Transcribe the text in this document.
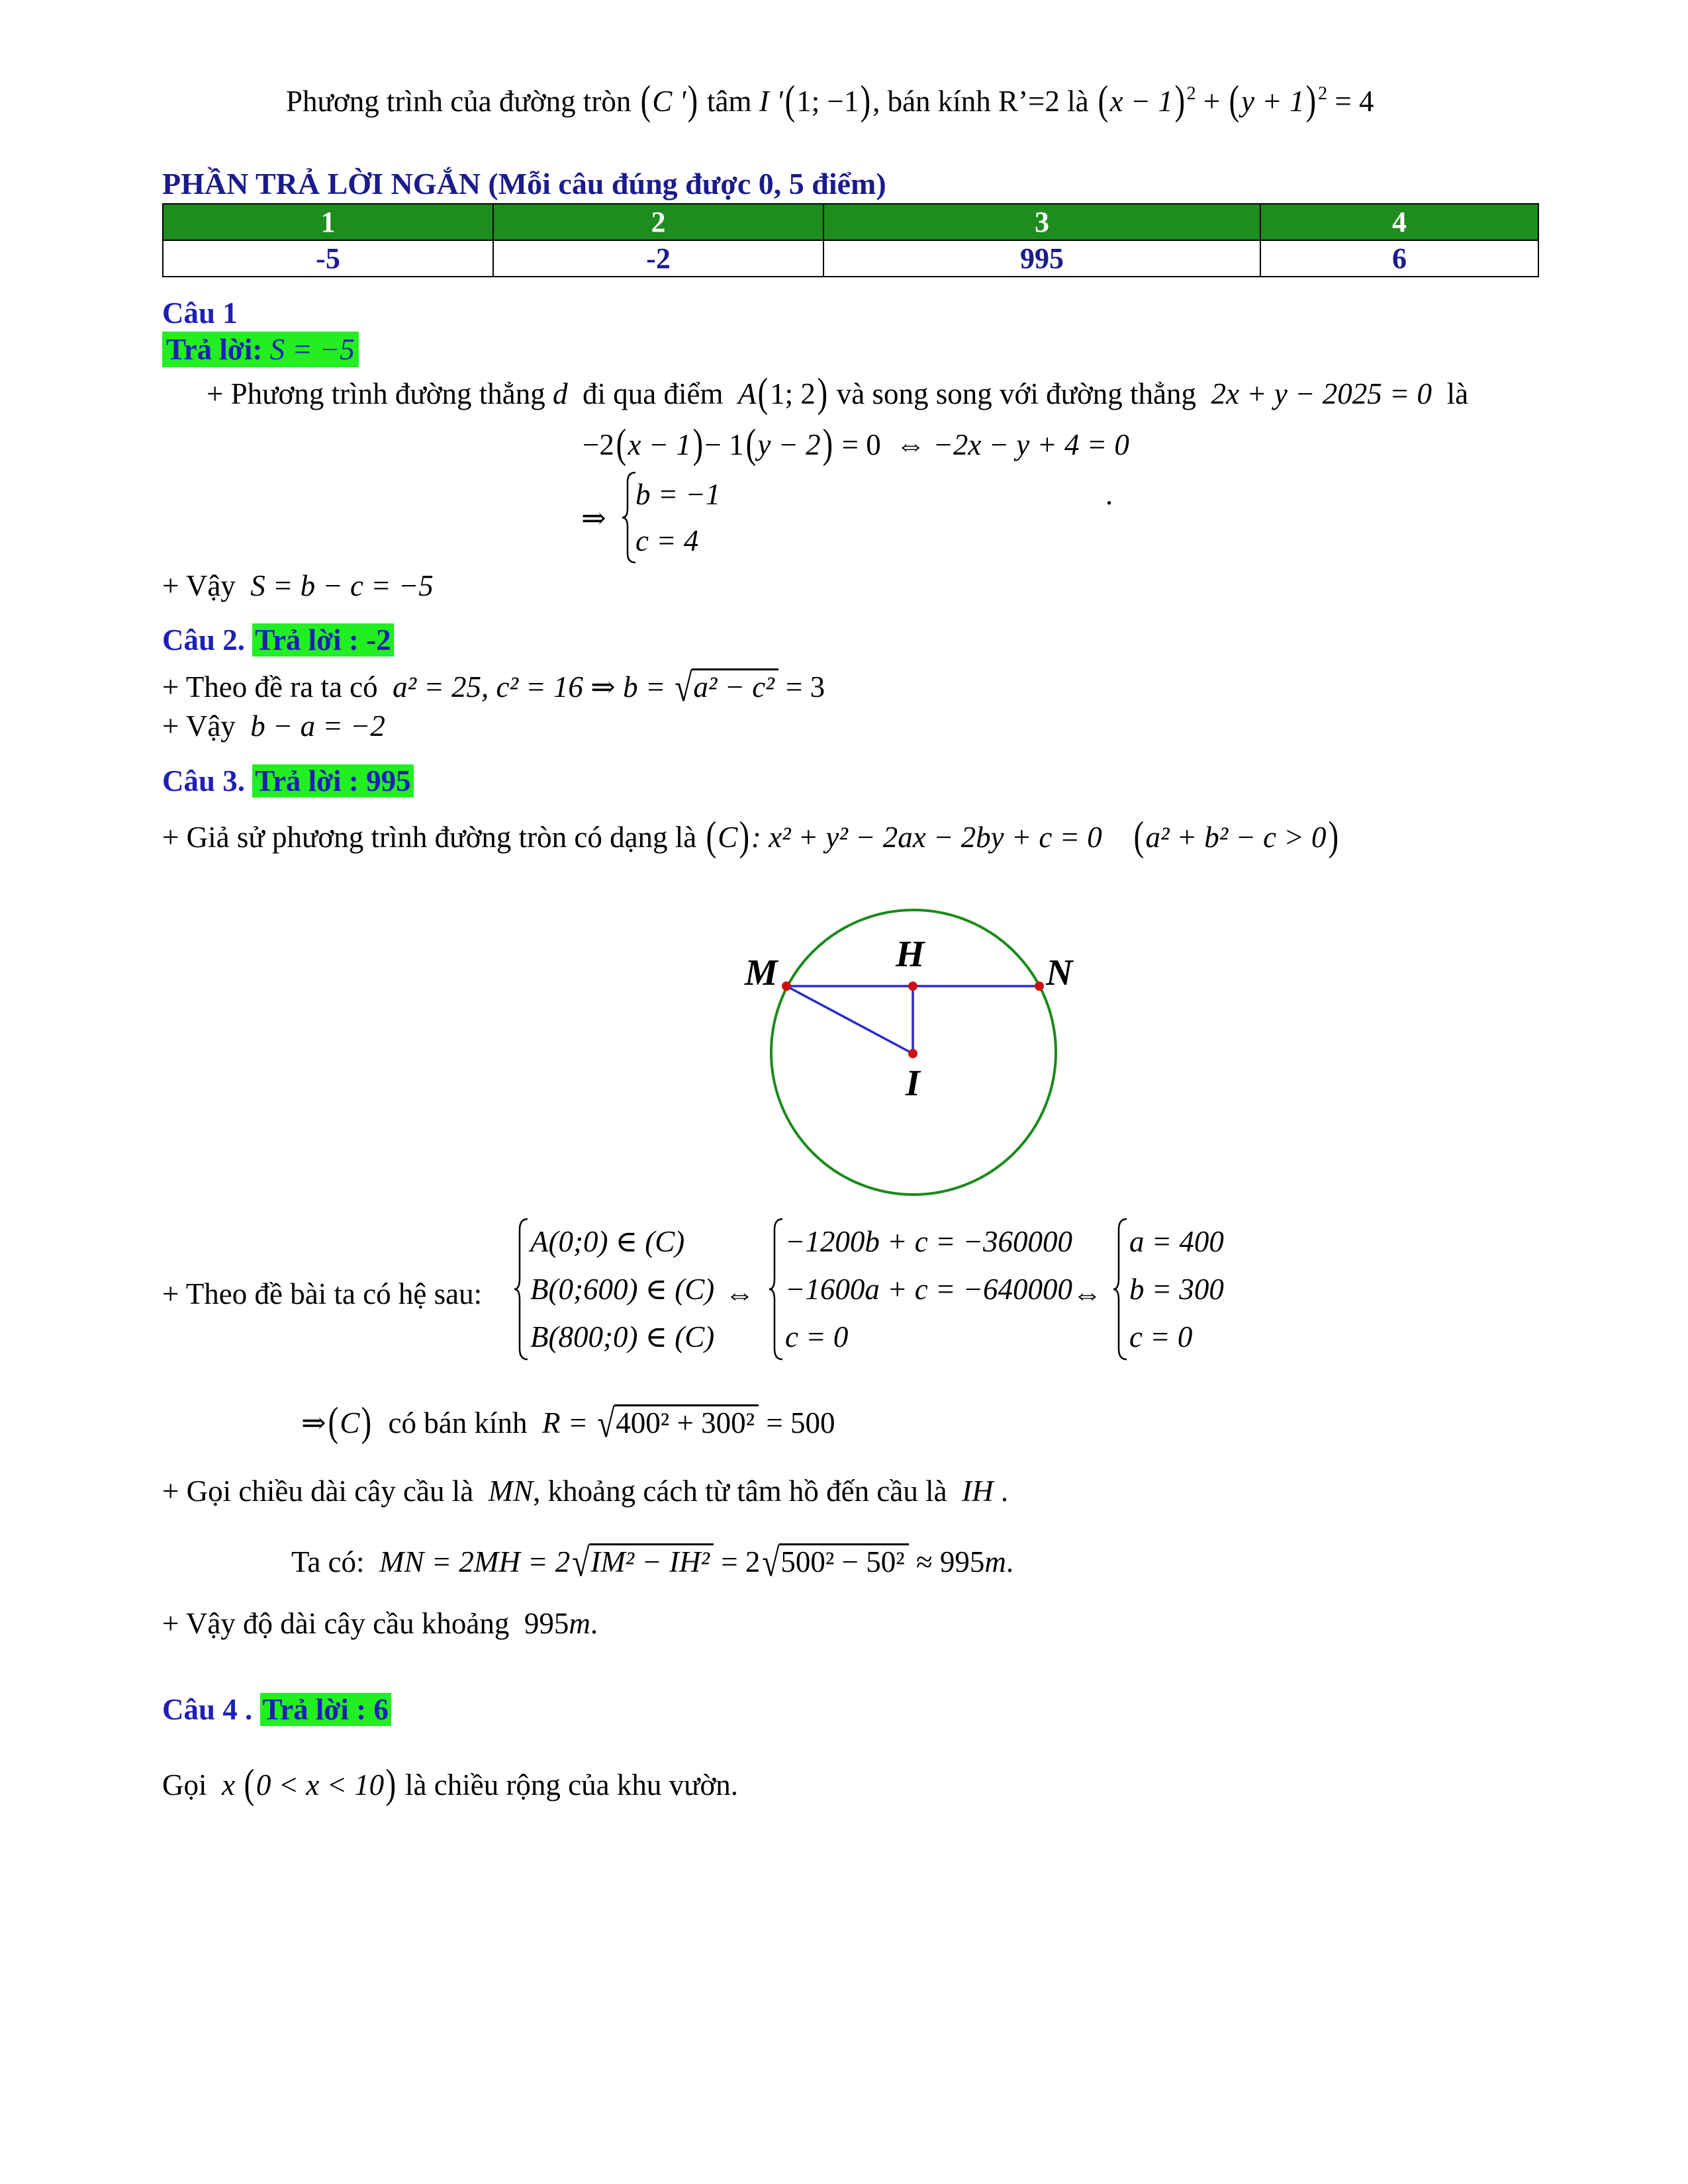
Phương trình của đường tròn (C ') tâm I '(1; −1), bán kính R’=2 là $(x - 1)^2 + (y + 1)^2 = 4$
PHẦN TRẢ LỜI NGẮN (Mỗi câu đúng được 0, 5 điểm)
1	2	3	4
-5	-2	995	6
Câu 1
Trả lời: S = −5
+ Phương trình đường thẳng d đi qua điểm A(1; 2) và song song với đường thẳng 2x + y − 2025 = 0 là
−2(x − 1)− 1(y − 2) = 0 ⇔ −2x − y + 4 = 0
⇒
b = −1
c = 4
.
+ Vậy S = b − c = −5
Câu 2. Trả lời : -2
+ Theo đề ra ta có a² = 25, c² = 16 ⇒ b = √a² − c² = 3
+ Vậy b − a = −2
Câu 3. Trả lời : 995
+ Giả sử phương trình đường tròn có dạng là (C): x² + y² − 2ax − 2by + c = 0 (a² + b² − c > 0)
M	H	N
I
+ Theo đề bài ta có hệ sau:
A(0;0) ∈ (C)
B(0;600) ∈ (C)
B(800;0) ∈ (C)
⇔
−1200b + c = −360000
−1600a + c = −640000
c = 0
⇔
a = 400
b = 300
c = 0
⇒(C) có bán kính R = √400² + 300² = 500
+ Gọi chiều dài cây cầu là MN, khoảng cách từ tâm hồ đến cầu là IH .
Ta có: MN = 2MH = 2√IM² − IH² = 2√500² − 50² ≈ 995m.
+ Vậy độ dài cây cầu khoảng 995m.
Câu 4 . Trả lời : 6
Gọi x (0 < x < 10) là chiều rộng của khu vườn.
